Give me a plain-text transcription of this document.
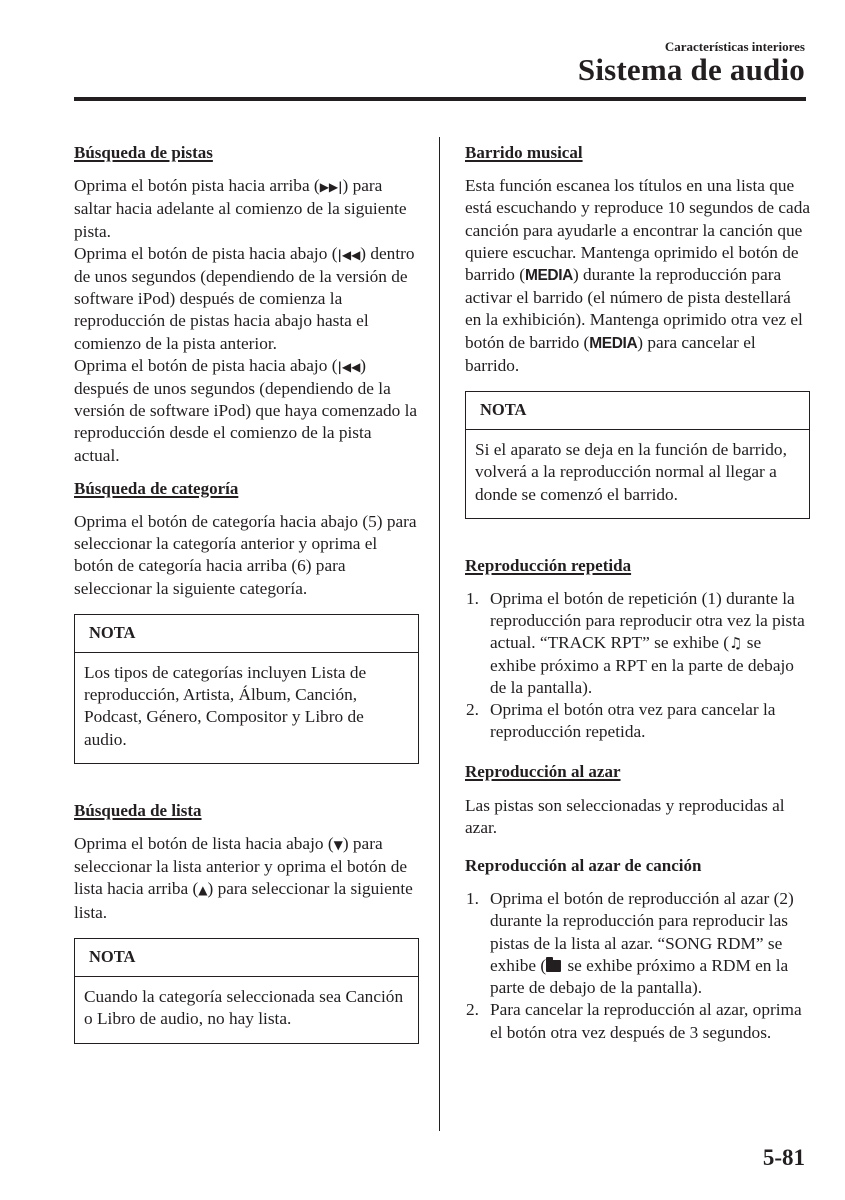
Características interiores
Sistema de audio
Búsqueda de pistas

Oprima el botón pista hacia arriba (▶▶|) para saltar hacia adelante al comienzo de la siguiente pista.

Oprima el botón de pista hacia abajo (|◀◀) dentro de unos segundos (dependiendo de la versión de software iPod) después de comienza la reproducción de pistas hacia abajo hasta el comienzo de la pista anterior.

Oprima el botón de pista hacia abajo (|◀◀) después de unos segundos (dependiendo de la versión de software iPod) que haya comenzado la reproducción desde el comienzo de la pista actual.

Búsqueda de categoría

Oprima el botón de categoría hacia abajo (5) para seleccionar la categoría anterior y oprima el botón de categoría hacia arriba (6) para seleccionar la siguiente categoría.

NOTA
Los tipos de categorías incluyen Lista de reproducción, Artista, Álbum, Canción, Podcast, Género, Compositor y Libro de audio.
Búsqueda de lista

Oprima el botón de lista hacia abajo (▼) para seleccionar la lista anterior y oprima el botón de lista hacia arriba (▲) para seleccionar la siguiente lista.

NOTA
Cuando la categoría seleccionada sea Canción o Libro de audio, no hay lista.
Barrido musical

Esta función escanea los títulos en una lista que está escuchando y reproduce 10 segundos de cada canción para ayudarle a encontrar la canción que quiere escuchar. Mantenga oprimido el botón de barrido (MEDIA) durante la reproducción para activar el barrido (el número de pista destellará en la exhibición). Mantenga oprimido otra vez el botón de barrido (MEDIA) para cancelar el barrido.

NOTA
Si el aparato se deja en la función de barrido, volverá a la reproducción normal al llegar a donde se comenzó el barrido.
Reproducción repetida
1. Oprima el botón de repetición (1) durante la reproducción para reproducir otra vez la pista actual. “TRACK RPT” se exhibe (♫ se exhibe próximo a RPT en la parte de debajo de la pantalla).
2. Oprima el botón otra vez para cancelar la reproducción repetida.
Reproducción al azar

Las pistas son seleccionadas y reproducidas al azar.

Reproducción al azar de canción
1. Oprima el botón de reproducción al azar (2) durante la reproducción para reproducir las pistas de la lista al azar. “SONG RDM” se exhibe ( se exhibe próximo a RDM en la parte de debajo de la pantalla).
2. Para cancelar la reproducción al azar, oprima el botón otra vez después de 3 segundos.
5-81
